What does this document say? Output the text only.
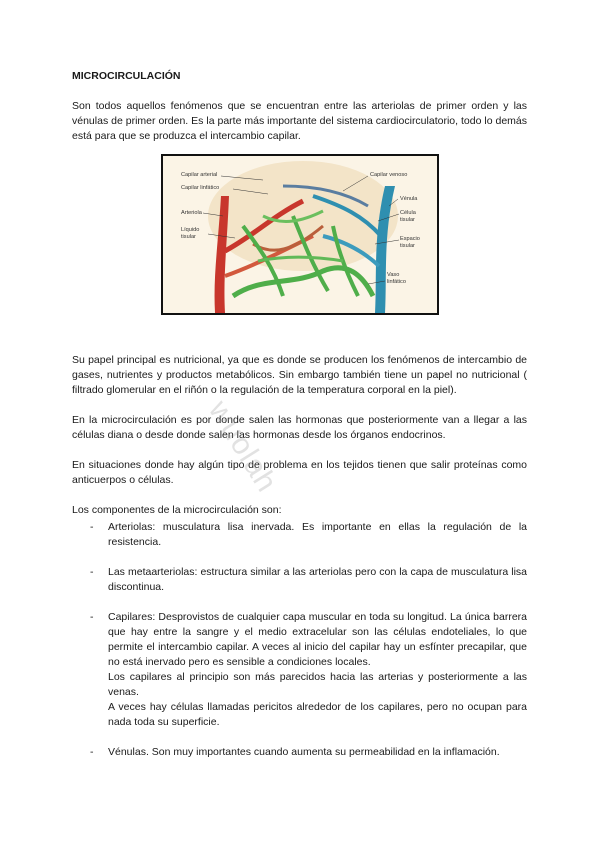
MICROCIRCULACIÓN

Son todos aquellos fenómenos que se encuentran entre las arteriolas de primer orden y las vénulas de primer orden. Es la parte más importante del sistema cardiocirculatorio, todo lo demás está para que se produzca el intercambio capilar.

Capilar arterial
Capilar linfático
Arteriola
Líquido
tisular
Capilar venoso
Vénula
Célula
tisular
Espacio
tisular
Vaso
linfático

Su papel principal es nutricional, ya que es donde se producen los fenómenos de intercambio de gases, nutrientes y productos metabólicos. Sin embargo también tiene un papel no nutricional ( filtrado glomerular en el riñón o la regulación de la temperatura corporal en la piel).

En la microcirculación es por donde salen las hormonas que posteriormente van a llegar a las células diana o desde donde salen las hormonas desde los órganos endocrinos.

En situaciones donde hay algún tipo de problema en los tejidos tienen que salir proteínas como anticuerpos o células.

Los componentes de la microcirculación son:

- Arteriolas: musculatura lisa inervada. Es importante en ellas la regulación de la resistencia.

- Las metaarteriolas: estructura similar a las arteriolas pero con la capa de musculatura lisa discontinua.

- Capilares: Desprovistos de cualquier capa muscular en toda su longitud. La única barrera que hay entre la sangre y el medio extracelular son las células endoteliales, lo que permite el intercambio capilar. A veces al inicio del capilar hay un esfínter precapilar, que no está inervado pero es sensible a condiciones locales.

Los capilares al principio son más parecidos hacia las arterias y posteriormente a las venas.

A veces hay células llamadas pericitos alrededor de los capilares, pero no ocupan para nada toda su superficie.

- Vénulas. Son muy importantes cuando aumenta su permeabilidad en la inflamación.

wuolah
